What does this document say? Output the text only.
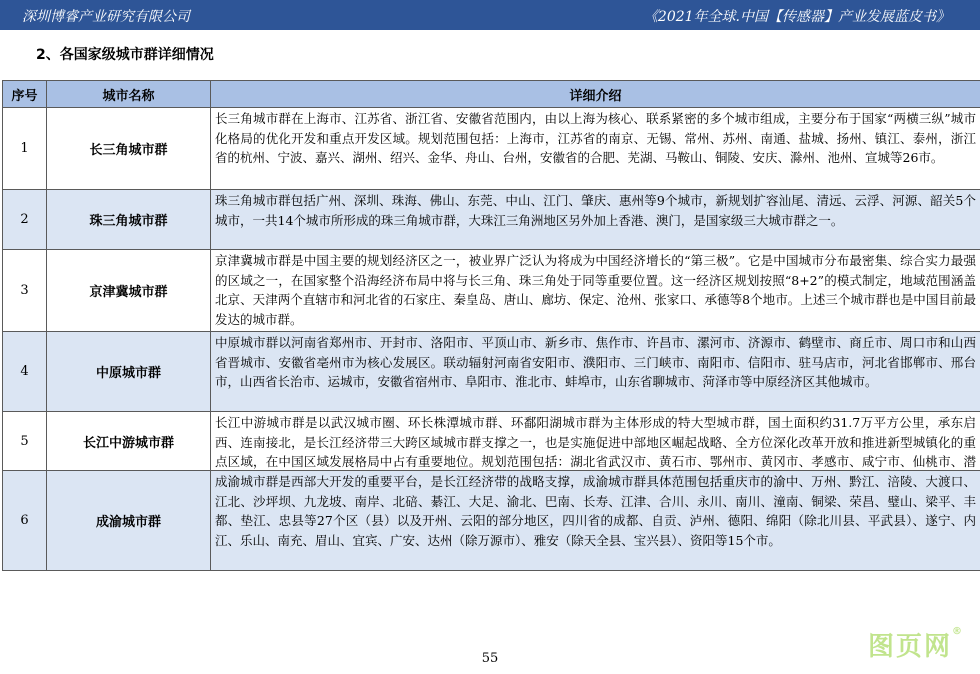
深圳博睿产业研究有限公司	《2021年全球.中国【传感器】产业发展蓝皮书》
2、各国家级城市群详细情况
序号	城市名称	详细介绍
1	长三角城市群	长三角城市群在上海市、江苏省、浙江省、安徽省范围内，由以上海为核心、联系紧密的多个城市组成，主要分布于国家“两横三纵”城市化格局的优化开发和重点开发区域。规划范围包括：上海市，江苏省的南京、无锡、常州、苏州、南通、盐城、扬州、镇江、泰州，浙江省的杭州、宁波、嘉兴、湖州、绍兴、金华、舟山、台州，安徽省的合肥、芜湖、马鞍山、铜陵、安庆、滁州、池州、宣城等26市。

2	珠三角城市群	珠三角城市群包括广州、深圳、珠海、佛山、东莞、中山、江门、肇庆、惠州等9个城市，新规划扩容汕尾、清远、云浮、河源、韶关5个城市，一共14个城市所形成的珠三角城市群，大珠江三角洲地区另外加上香港、澳门，是国家级三大城市群之一。

3	京津冀城市群	京津冀城市群是中国主要的规划经济区之一，被业界广泛认为将成为中国经济增长的“第三极”。它是中国城市分布最密集、综合实力最强的区域之一，在国家整个沿海经济布局中将与长三角、珠三角处于同等重要位置。这一经济区规划按照“8+2”的模式制定，地域范围涵盖北京、天津两个直辖市和河北省的石家庄、秦皇岛、唐山、廊坊、保定、沧州、张家口、承德等8个地市。上述三个城市群也是中国目前最发达的城市群。

4	中原城市群	中原城市群以河南省郑州市、开封市、洛阳市、平顶山市、新乡市、焦作市、许昌市、漯河市、济源市、鹤壁市、商丘市、周口市和山西省晋城市、安徽省亳州市为核心发展区。联动辐射河南省安阳市、濮阳市、三门峡市、南阳市、信阳市、驻马店市，河北省邯郸市、邢台市，山西省长治市、运城市，安徽省宿州市、阜阳市、淮北市、蚌埠市，山东省聊城市、菏泽市等中原经济区其他城市。

5	长江中游城市群	长江中游城市群是以武汉城市圈、环长株潭城市群、环鄱阳湖城市群为主体形成的特大型城市群，国土面积约31.7万平方公里，承东启西、连南接北，是长江经济带三大跨区域城市群支撑之一，也是实施促进中部地区崛起战略、全方位深化改革开放和推进新型城镇化的重点区域，在中国区域发展格局中占有重要地位。规划范围包括：湖北省武汉市、黄石市、鄂州市、黄冈市、孝感市、咸宁市、仙桃市、潜

6	成渝城市群	成渝城市群是西部大开发的重要平台，是长江经济带的战略支撑，成渝城市群具体范围包括重庆市的渝中、万州、黔江、涪陵、大渡口、江北、沙坪坝、九龙坡、南岸、北碚、綦江、大足、渝北、巴南、长寿、江津、合川、永川、南川、潼南、铜梁、荣昌、璧山、梁平、丰都、垫江、忠县等27个区（县）以及开州、云阳的部分地区，四川省的成都、自贡、泸州、德阳、绵阳（除北川县、平武县）、遂宁、内江、乐山、南充、眉山、宜宾、广安、达州（除万源市）、雅安（除天全县、宝兴县）、资阳等15个市。
55	图页网®
